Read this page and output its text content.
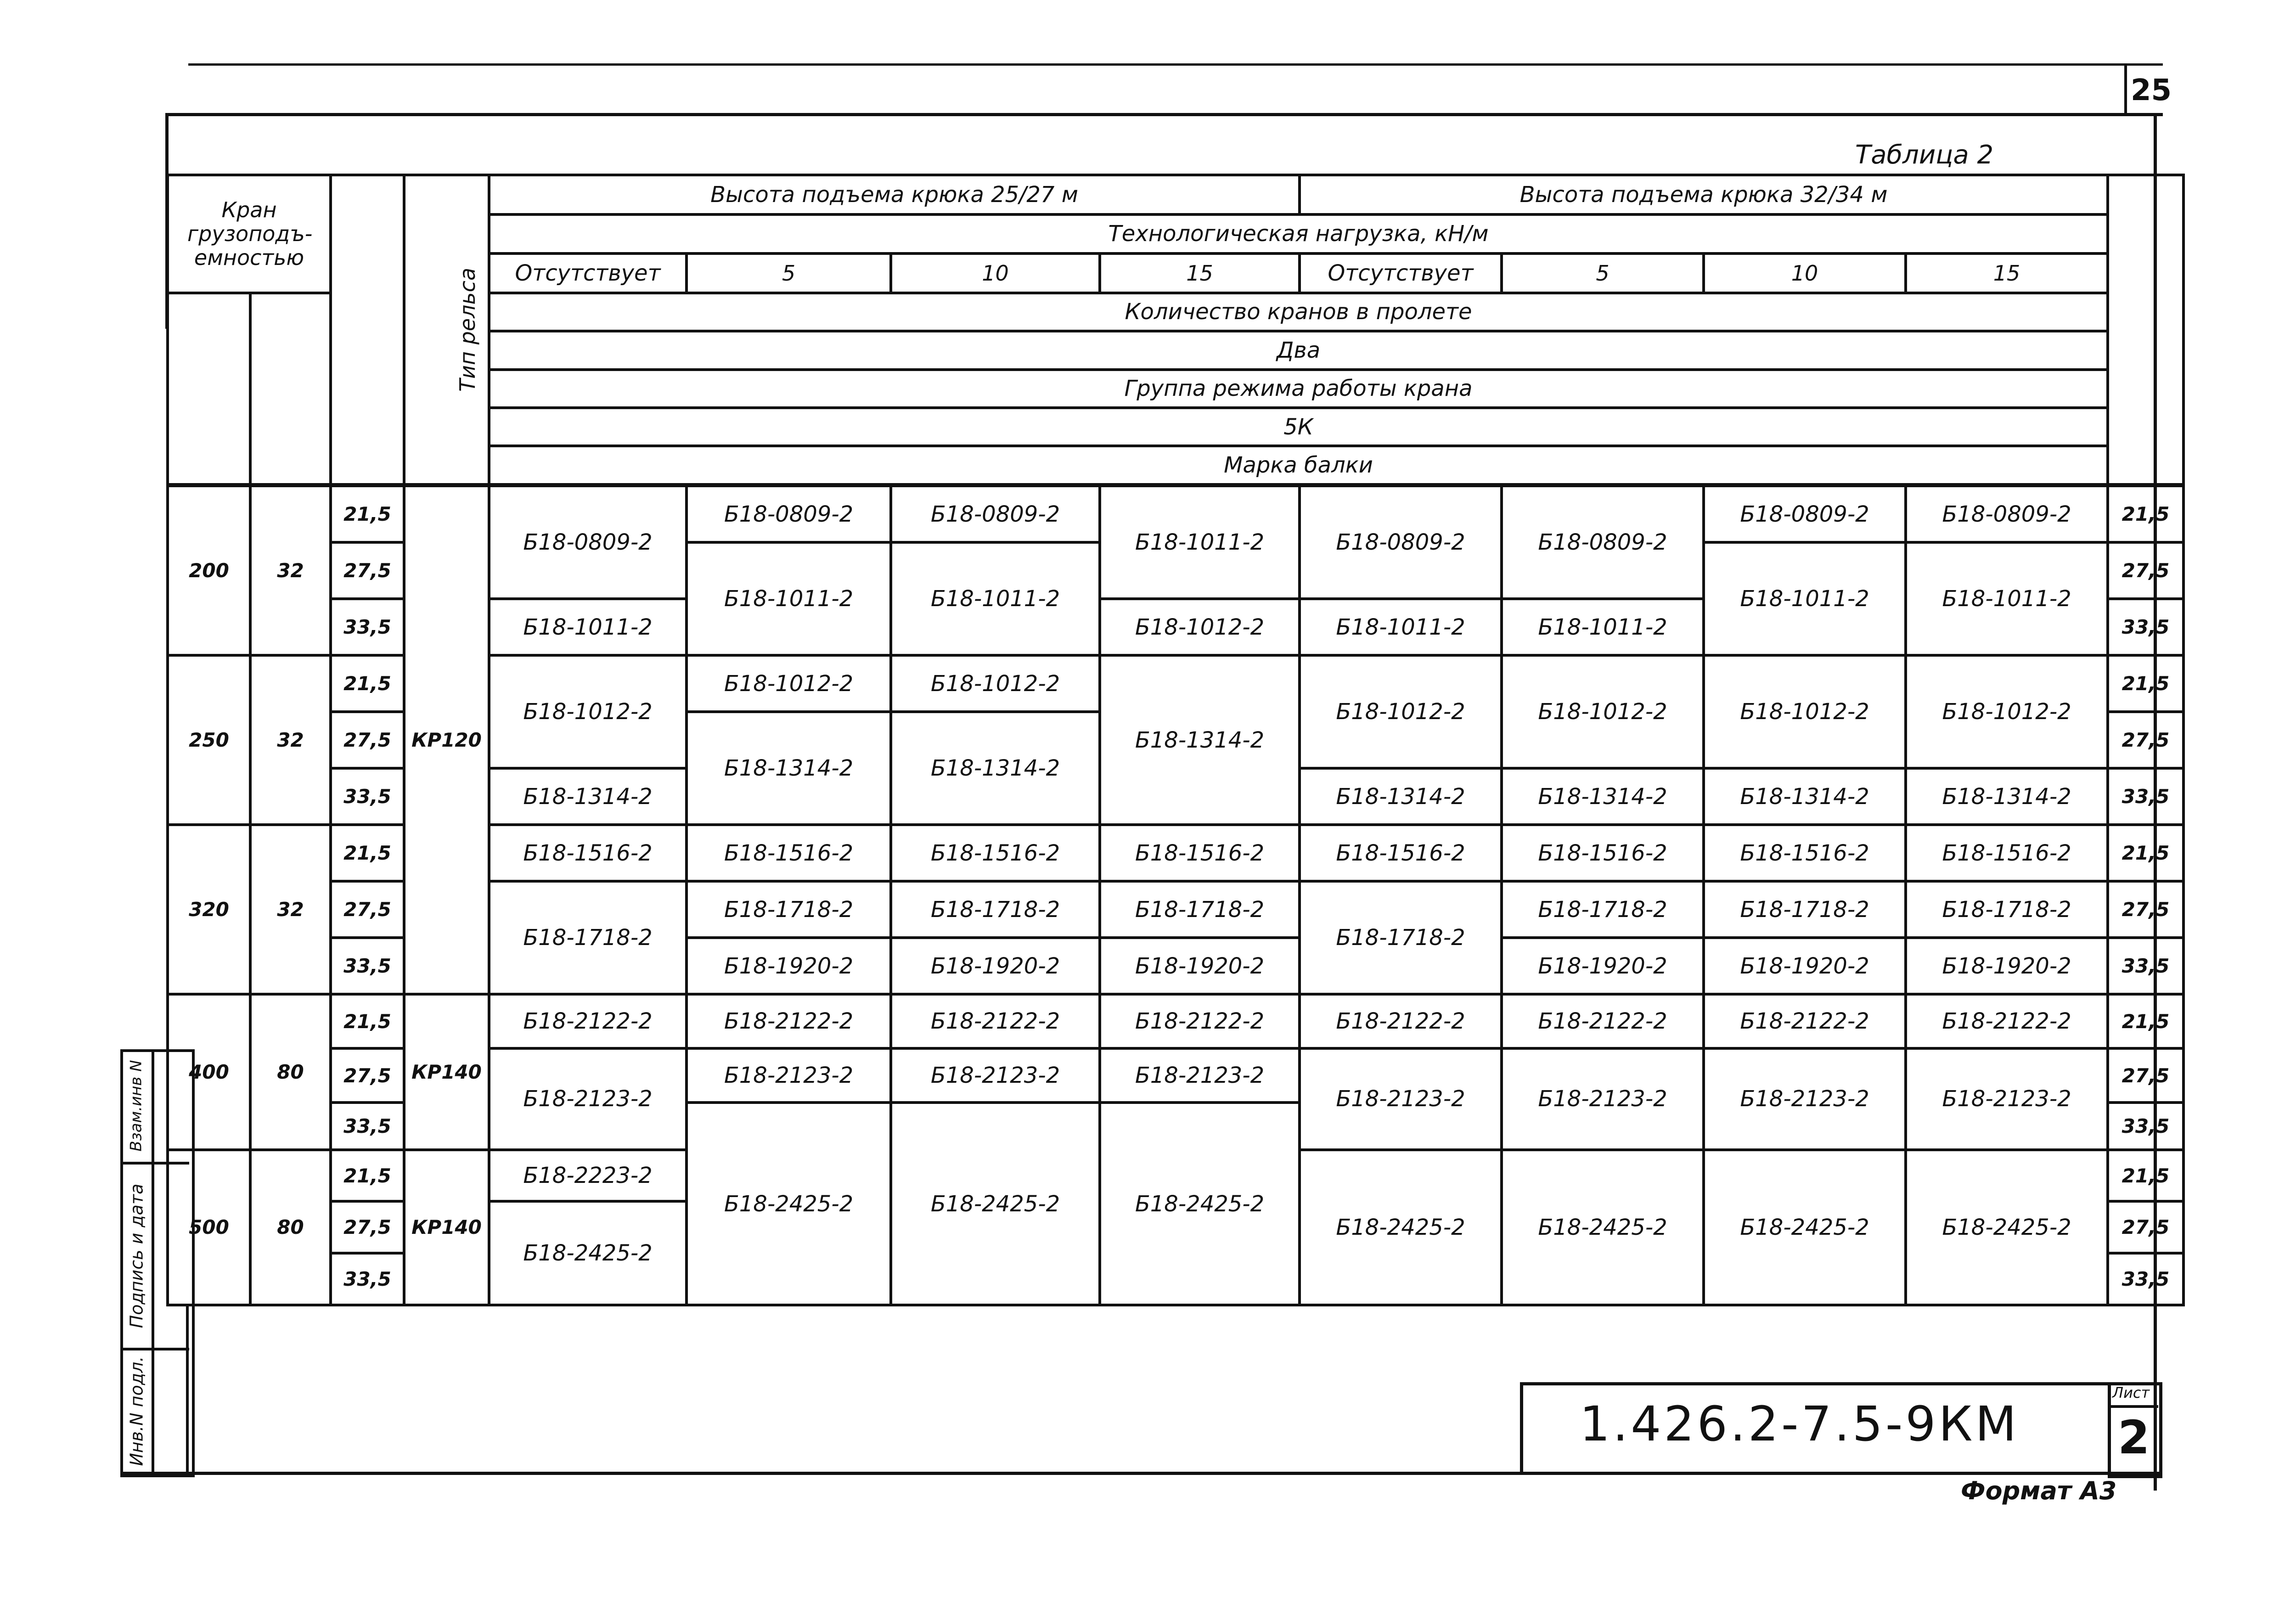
25
Таблица 2
Кран грузоподъ- емностью			Тип рельса	Высота подъема крюка 25/27 м				Высота подъема крюка 32/34 м	
				Технологическая нагрузка, кН/м								
				Отсутствует	5	10	15	Отсутствует	5	10	15	
		Количество кранов в пролете								
				Два								
				Группа режима работы крана								
				5К								
				Марка балки								
200	32	21,5	КР120	Б18-0809-2	Б18-0809-2	Б18-0809-2	Б18-1011-2	Б18-0809-2	Б18-0809-2	Б18-0809-2	Б18-0809-2	21,5
		27,5			Б18-1011-2	Б18-1011-2				Б18-1011-2	Б18-1011-2	27,5
		33,5		Б18-1011-2			Б18-1012-2	Б18-1011-2	Б18-1011-2			33,5
250	32	21,5		Б18-1012-2	Б18-1012-2	Б18-1012-2	Б18-1314-2	Б18-1012-2	Б18-1012-2	Б18-1012-2	Б18-1012-2	21,5
		27,5			Б18-1314-2	Б18-1314-2						27,5
		33,5		Б18-1314-2				Б18-1314-2	Б18-1314-2	Б18-1314-2	Б18-1314-2	33,5
320	32	21,5		Б18-1516-2	Б18-1516-2	Б18-1516-2	Б18-1516-2	Б18-1516-2	Б18-1516-2	Б18-1516-2	Б18-1516-2	21,5
		27,5		Б18-1718-2	Б18-1718-2	Б18-1718-2	Б18-1718-2	Б18-1718-2	Б18-1718-2	Б18-1718-2	Б18-1718-2	27,5
		33,5			Б18-1920-2	Б18-1920-2	Б18-1920-2		Б18-1920-2	Б18-1920-2	Б18-1920-2	33,5
400	80	21,5	КР140	Б18-2122-2	Б18-2122-2	Б18-2122-2	Б18-2122-2	Б18-2122-2	Б18-2122-2	Б18-2122-2	Б18-2122-2	21,5
		27,5		Б18-2123-2	Б18-2123-2	Б18-2123-2	Б18-2123-2	Б18-2123-2	Б18-2123-2	Б18-2123-2	Б18-2123-2	27,5
		33,5			Б18-2425-2	Б18-2425-2	Б18-2425-2					33,5
500	80	21,5	КР140	Б18-2223-2				Б18-2425-2	Б18-2425-2	Б18-2425-2	Б18-2425-2	21,5
		27,5		Б18-2425-2								27,5
		33,5										33,5
Инв.N подл.
Подпись и дата
Взам.инв N
1.426.2-7.5-9КМ
Лист
2
Формат А3
